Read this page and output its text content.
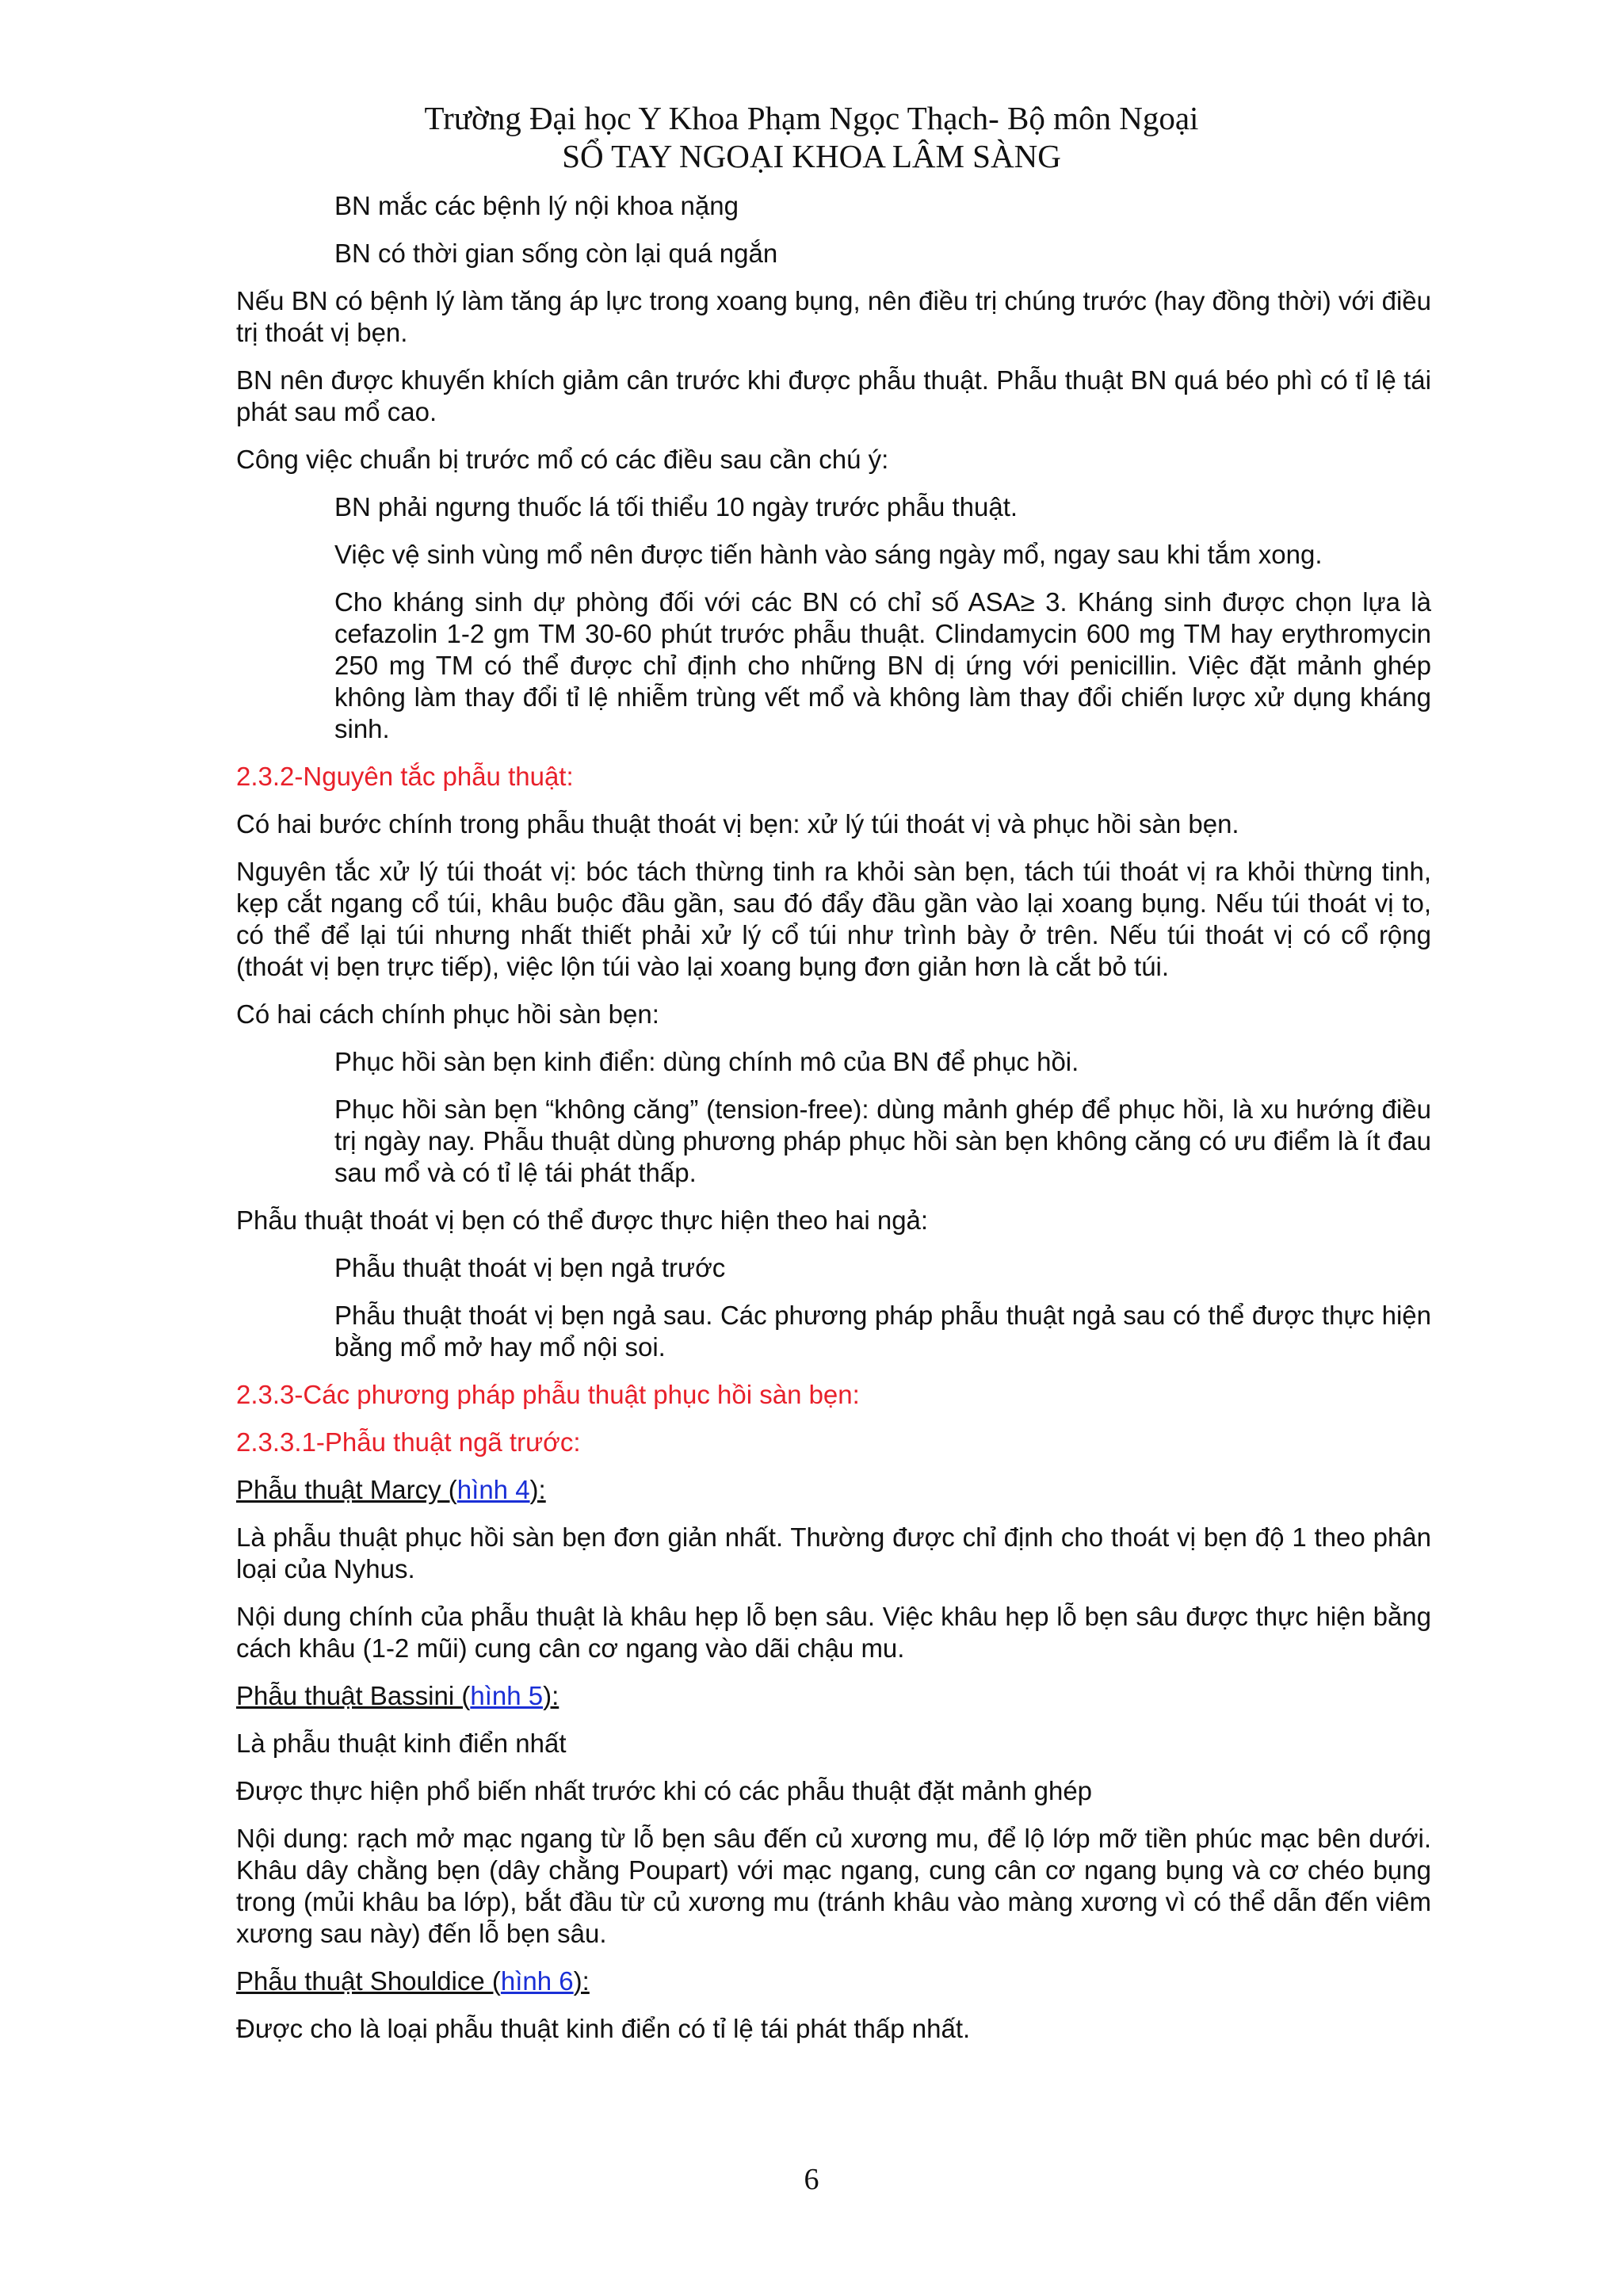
Trường Đại học Y Khoa Phạm Ngọc Thạch- Bộ môn Ngoại
SỔ TAY NGOẠI KHOA LÂM SÀNG

BN mắc các bệnh lý nội khoa nặng

BN có thời gian sống còn lại quá ngắn

Nếu BN có bệnh lý làm tăng áp lực trong xoang bụng, nên điều trị chúng trước (hay đồng thời) với điều trị thoát vị bẹn.

BN nên được khuyến khích giảm cân trước khi được phẫu thuật. Phẫu thuật BN quá béo phì có tỉ lệ tái phát sau mổ cao.

Công việc chuẩn bị trước mổ có các điều sau cần chú ý:

BN phải ngưng thuốc lá tối thiểu 10 ngày trước phẫu thuật.

Việc vệ sinh vùng mổ nên được tiến hành vào sáng ngày mổ, ngay sau khi tắm xong.

Cho kháng sinh dự phòng đối với các BN có chỉ số ASA≥ 3. Kháng sinh được chọn lựa là cefazolin 1-2 gm TM 30-60 phút trước phẫu thuật. Clindamycin 600 mg TM hay erythromycin 250 mg TM có thể được chỉ định cho những BN dị ứng với penicillin. Việc đặt mảnh ghép không làm thay đổi tỉ lệ nhiễm trùng vết mổ và không làm thay đổi chiến lược xử dụng kháng sinh.

2.3.2-Nguyên tắc phẫu thuật:

Có hai bước chính trong phẫu thuật thoát vị bẹn: xử lý túi thoát vị và phục hồi sàn bẹn.

Nguyên tắc xử lý túi thoát vị: bóc tách thừng tinh ra khỏi sàn bẹn, tách túi thoát vị ra khỏi thừng tinh, kẹp cắt ngang cổ túi, khâu buộc đầu gần, sau đó đẩy đầu gần vào lại xoang bụng. Nếu túi thoát vị to, có thể để lại túi nhưng nhất thiết phải xử lý cổ túi như trình bày ở trên. Nếu túi thoát vị có cổ rộng (thoát vị bẹn trực tiếp), việc lộn túi vào lại xoang bụng đơn giản hơn là cắt bỏ túi.

Có hai cách chính phục hồi sàn bẹn:

Phục hồi sàn bẹn kinh điển: dùng chính mô của BN để phục hồi.

Phục hồi sàn bẹn “không căng” (tension-free): dùng mảnh ghép để phục hồi, là xu hướng điều trị ngày nay. Phẫu thuật dùng phương pháp phục hồi sàn bẹn không căng có ưu điểm là ít đau sau mổ và có tỉ lệ tái phát thấp.

Phẫu thuật thoát vị bẹn có thể được thực hiện theo hai ngả:

Phẫu thuật thoát vị bẹn ngả trước

Phẫu thuật thoát vị bẹn ngả sau. Các phương pháp phẫu thuật ngả sau có thể được thực hiện bằng mổ mở hay mổ nội soi.

2.3.3-Các phương pháp phẫu thuật phục hồi sàn bẹn:

2.3.3.1-Phẫu thuật ngã trước:

Phẫu thuật Marcy (hình 4):

Là phẫu thuật phục hồi sàn bẹn đơn giản nhất. Thường được chỉ định cho thoát vị bẹn độ 1 theo phân loại của Nyhus.

Nội dung chính của phẫu thuật là khâu hẹp lỗ bẹn sâu. Việc khâu hẹp lỗ bẹn sâu được thực hiện bằng cách khâu (1-2 mũi) cung cân cơ ngang vào dãi chậu mu.

Phẫu thuật Bassini (hình 5):

Là phẫu thuật kinh điển nhất

Được thực hiện phổ biến nhất trước khi có các phẫu thuật đặt mảnh ghép

Nội dung: rạch mở mạc ngang từ lỗ bẹn sâu đến củ xương mu, để lộ lớp mỡ tiền phúc mạc bên dưới. Khâu dây chằng bẹn (dây chằng Poupart) với mạc ngang, cung cân cơ ngang bụng và cơ chéo bụng trong (mủi khâu ba lớp), bắt đầu từ củ xương mu (tránh khâu vào màng xương vì có thể dẫn đến viêm xương sau này) đến lỗ bẹn sâu.

Phẫu thuật Shouldice (hình 6):

Được cho là loại phẫu thuật kinh điển có tỉ lệ tái phát thấp nhất.

6
